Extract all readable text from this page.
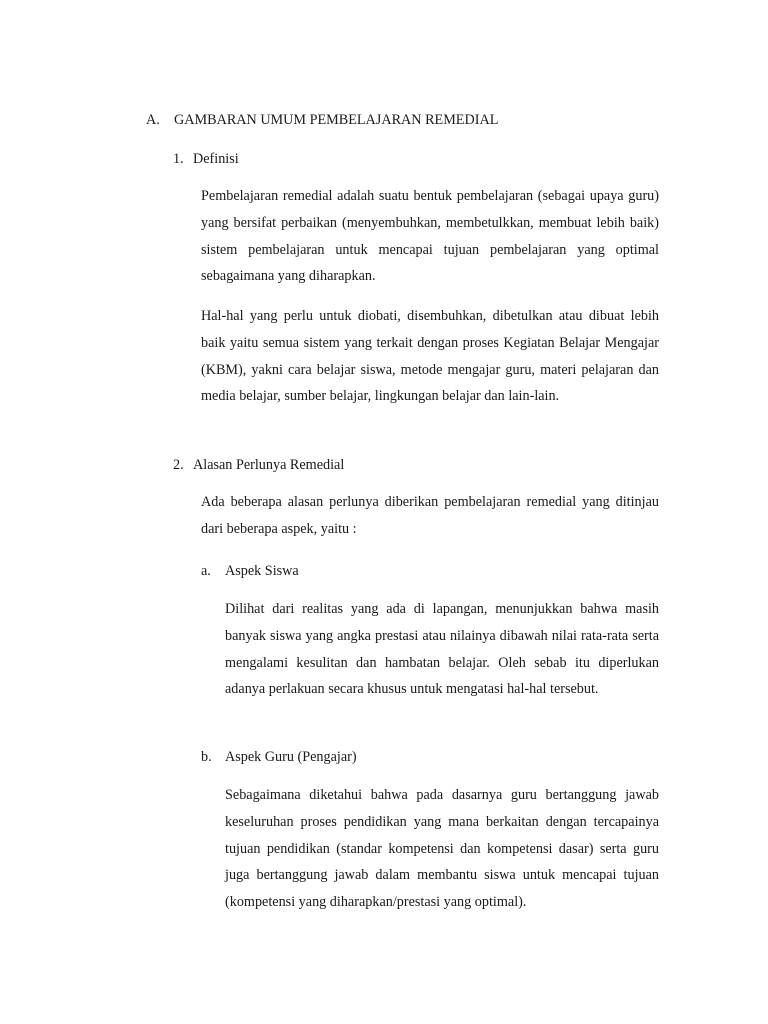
A. GAMBARAN UMUM PEMBELAJARAN REMEDIAL
1. Definisi

Pembelajaran remedial adalah suatu bentuk pembelajaran (sebagai upaya guru) yang bersifat perbaikan (menyembuhkan, membetulkkan, membuat lebih baik) sistem pembelajaran untuk mencapai tujuan pembelajaran yang optimal sebagaimana yang diharapkan.

Hal-hal yang perlu untuk diobati, disembuhkan, dibetulkan atau dibuat lebih baik yaitu semua sistem yang terkait dengan proses Kegiatan Belajar Mengajar (KBM), yakni cara belajar siswa, metode mengajar guru, materi pelajaran dan media belajar, sumber belajar, lingkungan belajar dan lain-lain.

2. Alasan Perlunya Remedial

Ada beberapa alasan perlunya diberikan pembelajaran remedial yang ditinjau dari beberapa aspek, yaitu :

a. Aspek Siswa

Dilihat dari realitas yang ada di lapangan, menunjukkan bahwa masih banyak siswa yang angka prestasi atau nilainya dibawah nilai rata-rata serta mengalami kesulitan dan hambatan belajar. Oleh sebab itu diperlukan adanya perlakuan secara khusus untuk mengatasi hal-hal tersebut.

b. Aspek Guru (Pengajar)

Sebagaimana diketahui bahwa pada dasarnya guru bertanggung jawab keseluruhan proses pendidikan yang mana berkaitan dengan tercapainya tujuan pendidikan (standar kompetensi dan kompetensi dasar) serta guru juga bertanggung jawab dalam membantu siswa untuk mencapai tujuan (kompetensi yang diharapkan/prestasi yang optimal).
